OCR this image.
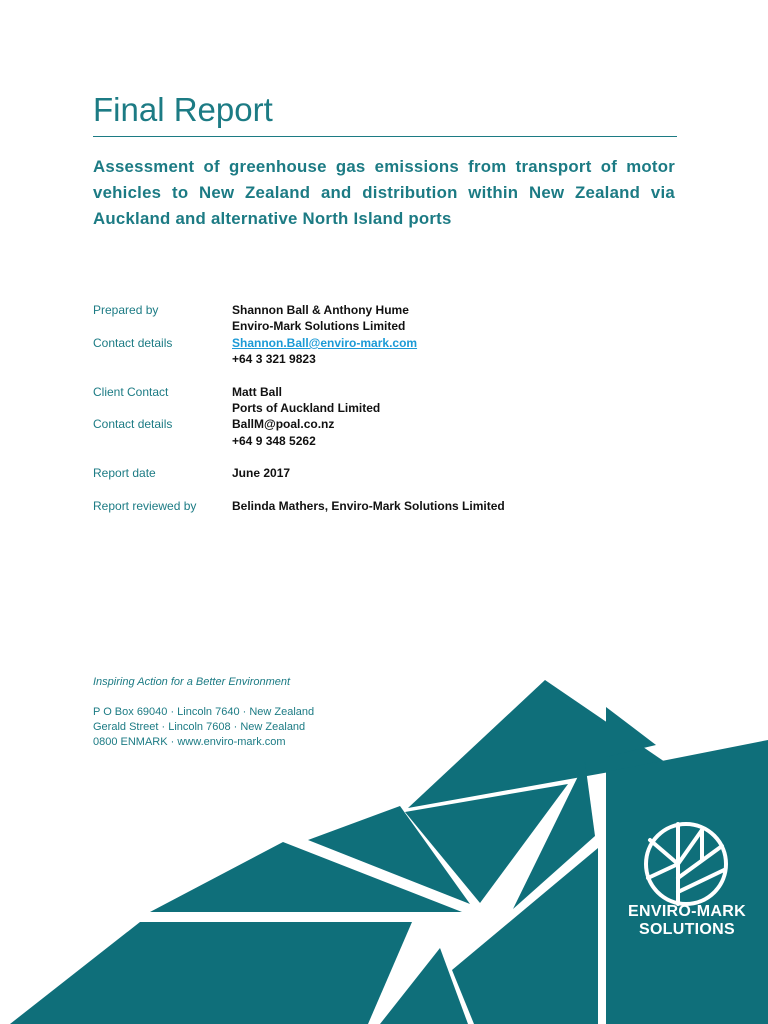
Final Report

Assessment of greenhouse gas emissions from transport of motor vehicles to New Zealand and distribution within New Zealand via Auckland and alternative North Island ports

Prepared by	Shannon Ball & Anthony Hume
Enviro-Mark Solutions Limited
Contact details	Shannon.Ball@enviro-mark.com
+64 3 321 9823
Client Contact	Matt Ball
Ports of Auckland Limited
Contact details	BallM@poal.co.nz
+64 9 348 5262
Report date	June 2017
Report reviewed by	Belinda Mathers, Enviro-Mark Solutions Limited

Inspiring Action for a Better Environment

P O Box 69040 · Lincoln 7640 · New Zealand
Gerald Street · Lincoln 7608 · New Zealand
0800 ENMARK · www.enviro-mark.com
ENVIRO-MARK
SOLUTIONS
